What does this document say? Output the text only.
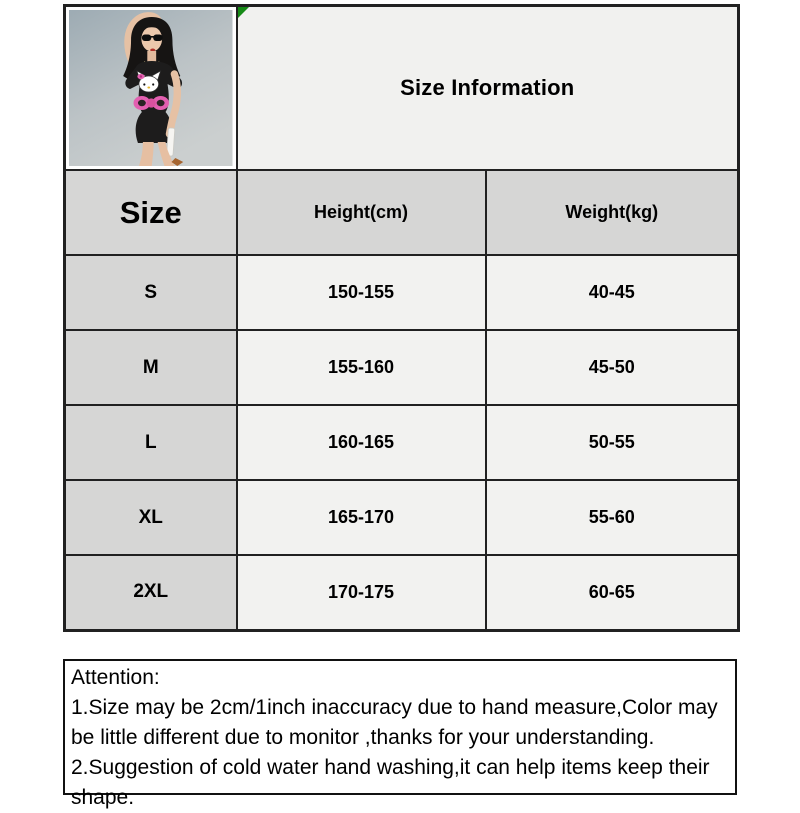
Size Information	
Size	Height(cm)	Weight(kg)
S	150-155	40-45
M	155-160	45-50
L	160-165	50-55
XL	165-170	55-60
2XL	170-175	60-65
Attention:
1.Size may be 2cm/1inch inaccuracy due to hand measure,Color may be little different due to monitor ,thanks for your understanding.
2.Suggestion of cold water hand washing,it can help items keep their shape.
